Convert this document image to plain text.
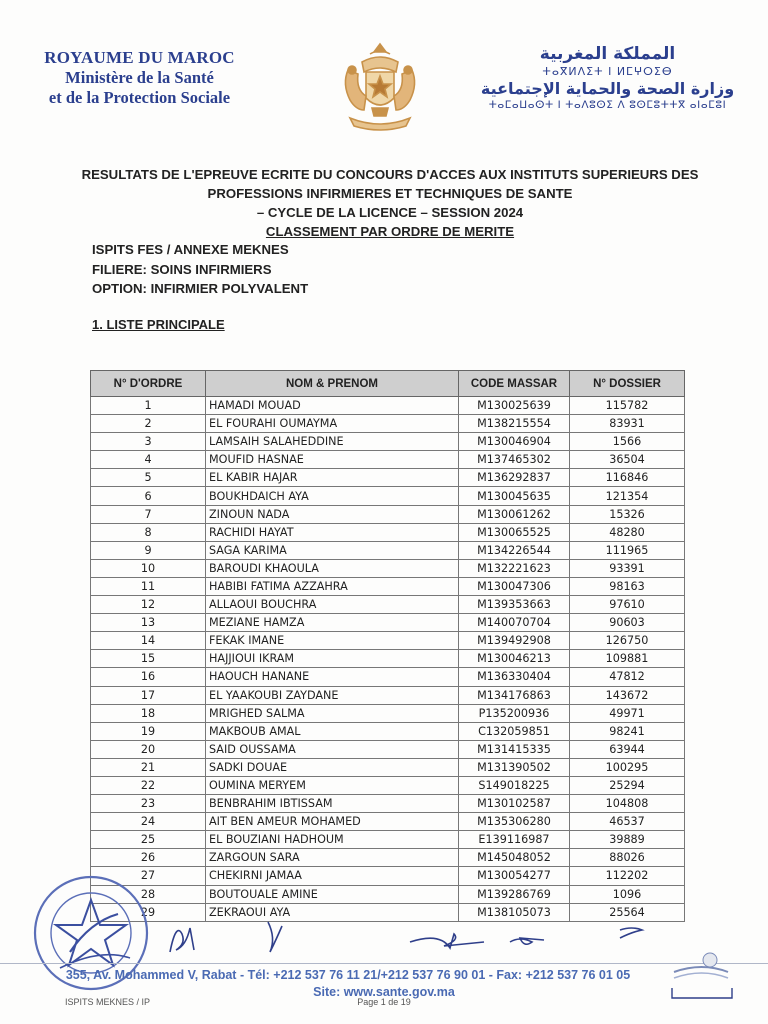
ROYAUME DU MAROC
Ministère de la Santé
et de la Protection Sociale
المملكة المغربية
ⵜⴰⴳⵍⴷⵉⵜ ⵏ ⵍⵎⵖⵔⵉⴱ
وزارة الصحة والحماية الإجتماعية
ⵜⴰⵎⴰⵡⴰⵙⵜ ⵏ ⵜⴰⴷⵓⵙⵉ ⴷ ⵓⵙⵎⵓⵜⵜⴳ ⴰⵏⴰⵎⵓⵏ
RESULTATS DE L'EPREUVE ECRITE DU CONCOURS D'ACCES AUX INSTITUTS SUPERIEURS DES
PROFESSIONS INFIRMIERES ET TECHNIQUES DE SANTE
– CYCLE DE LA LICENCE – SESSION 2024
CLASSEMENT PAR ORDRE DE MERITE
ISPITS FES / ANNEXE MEKNES
FILIERE: SOINS INFIRMIERS
OPTION: INFIRMIER POLYVALENT
1. LISTE PRINCIPALE
N° D'ORDRE	NOM & PRENOM	CODE MASSAR	N° DOSSIER
1	HAMADI MOUAD	M130025639	115782
2	EL FOURAHI OUMAYMA	M138215554	83931
3	LAMSAIH SALAHEDDINE	M130046904	1566
4	MOUFID HASNAE	M137465302	36504
5	EL KABIR HAJAR	M136292837	116846
6	BOUKHDAICH AYA	M130045635	121354
7	ZINOUN NADA	M130061262	15326
8	RACHIDI HAYAT	M130065525	48280
9	SAGA KARIMA	M134226544	111965
10	BAROUDI KHAOULA	M132221623	93391
11	HABIBI FATIMA AZZAHRA	M130047306	98163
12	ALLAOUI BOUCHRA	M139353663	97610
13	MEZIANE HAMZA	M140070704	90603
14	FEKAK IMANE	M139492908	126750
15	HAJJIOUI IKRAM	M130046213	109881
16	HAOUCH HANANE	M136330404	47812
17	EL YAAKOUBI ZAYDANE	M134176863	143672
18	MRIGHED SALMA	P135200936	49971
19	MAKBOUB AMAL	C132059851	98241
20	SAID OUSSAMA	M131415335	63944
21	SADKI DOUAE	M131390502	100295
22	OUMINA MERYEM	S149018225	25294
23	BENBRAHIM IBTISSAM	M130102587	104808
24	AIT BEN AMEUR MOHAMED	M135306280	46537
25	EL BOUZIANI HADHOUM	E139116987	39889
26	ZARGOUN SARA	M145048052	88026
27	CHEKIRNI JAMAA	M130054277	112202
28	BOUTOUALE AMINE	M139286769	1096
29	ZEKRAOUI AYA	M138105073	25564
355, Av. Mohammed V, Rabat - Tél: +212 537 76 11 21/+212 537 76 90 01 - Fax: +212 537 76 01 05
Site: www.sante.gov.ma
ISPITS MEKNES / IP	Page 1 de 19
